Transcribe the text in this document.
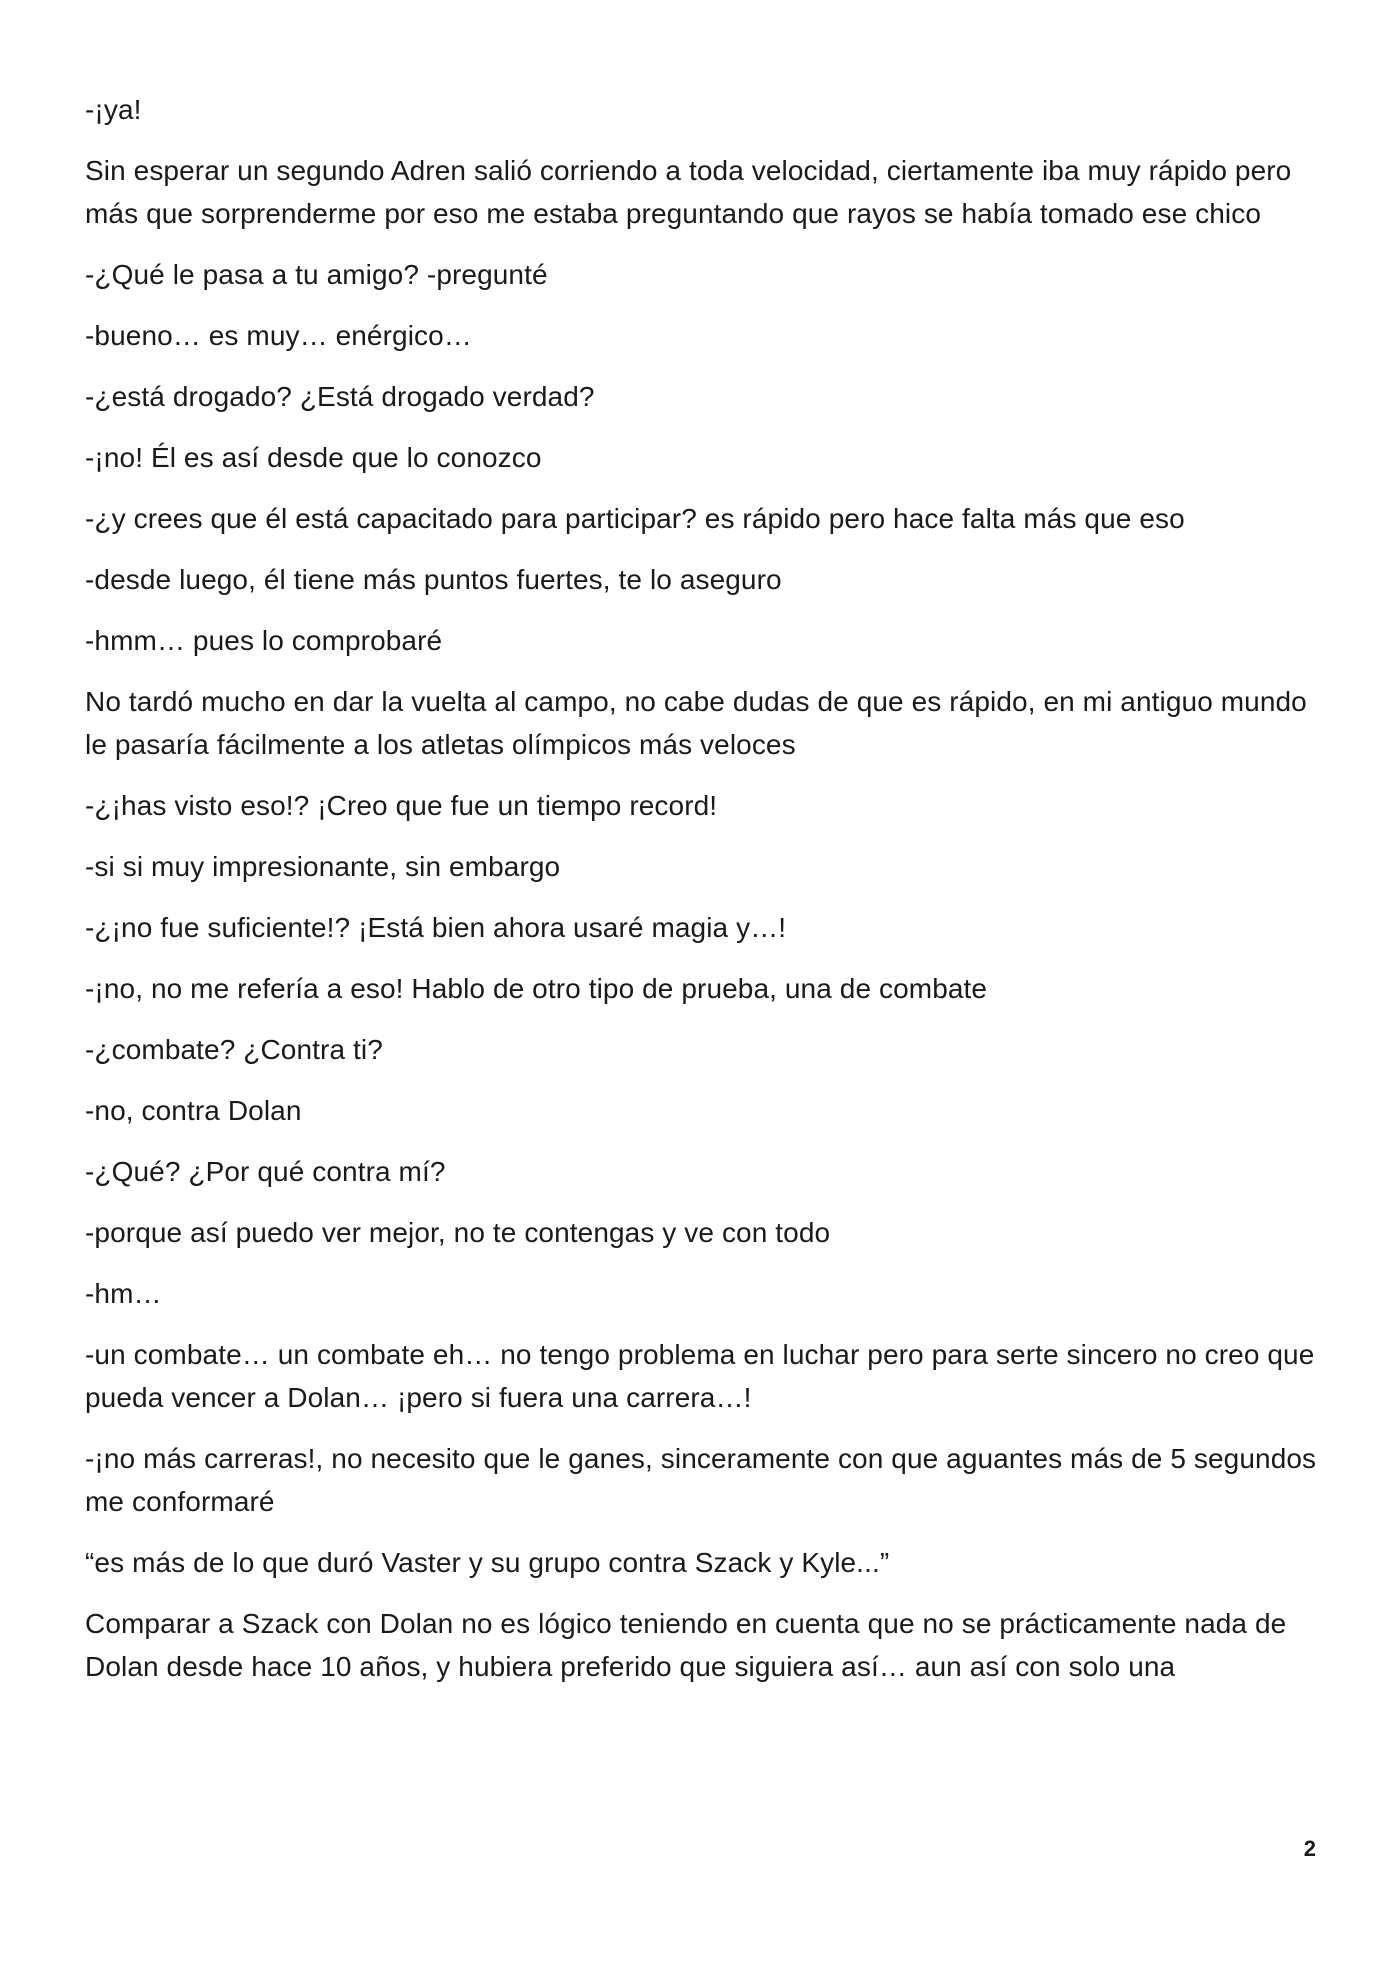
-¡ya!

Sin esperar un segundo Adren salió corriendo a toda velocidad, ciertamente iba muy rápido pero más que sorprenderme por eso me estaba preguntando que rayos se había tomado ese chico

-¿Qué le pasa a tu amigo? -pregunté

-bueno… es muy… enérgico…

-¿está drogado? ¿Está drogado verdad?

-¡no! Él es así desde que lo conozco

-¿y crees que él está capacitado para participar? es rápido pero hace falta más que eso

-desde luego, él tiene más puntos fuertes, te lo aseguro

-hmm… pues lo comprobaré

No tardó mucho en dar la vuelta al campo, no cabe dudas de que es rápido, en mi antiguo mundo le pasaría fácilmente a los atletas olímpicos más veloces

-¿¡has visto eso!? ¡Creo que fue un tiempo record!

-si si muy impresionante, sin embargo

-¿¡no fue suficiente!? ¡Está bien ahora usaré magia y…!

-¡no, no me refería a eso! Hablo de otro tipo de prueba, una de combate

-¿combate? ¿Contra ti?

-no, contra Dolan

-¿Qué? ¿Por qué contra mí?

-porque así puedo ver mejor, no te contengas y ve con todo

-hm…

-un combate… un combate eh… no tengo problema en luchar pero para serte sincero no creo que pueda vencer a Dolan… ¡pero si fuera una carrera…!

-¡no más carreras!, no necesito que le ganes, sinceramente con que aguantes más de 5 segundos me conformaré

“es más de lo que duró Vaster y su grupo contra Szack y Kyle...”

Comparar a Szack con Dolan no es lógico teniendo en cuenta que no se prácticamente nada de Dolan desde hace 10 años, y hubiera preferido que siguiera así… aun así con solo una

2
